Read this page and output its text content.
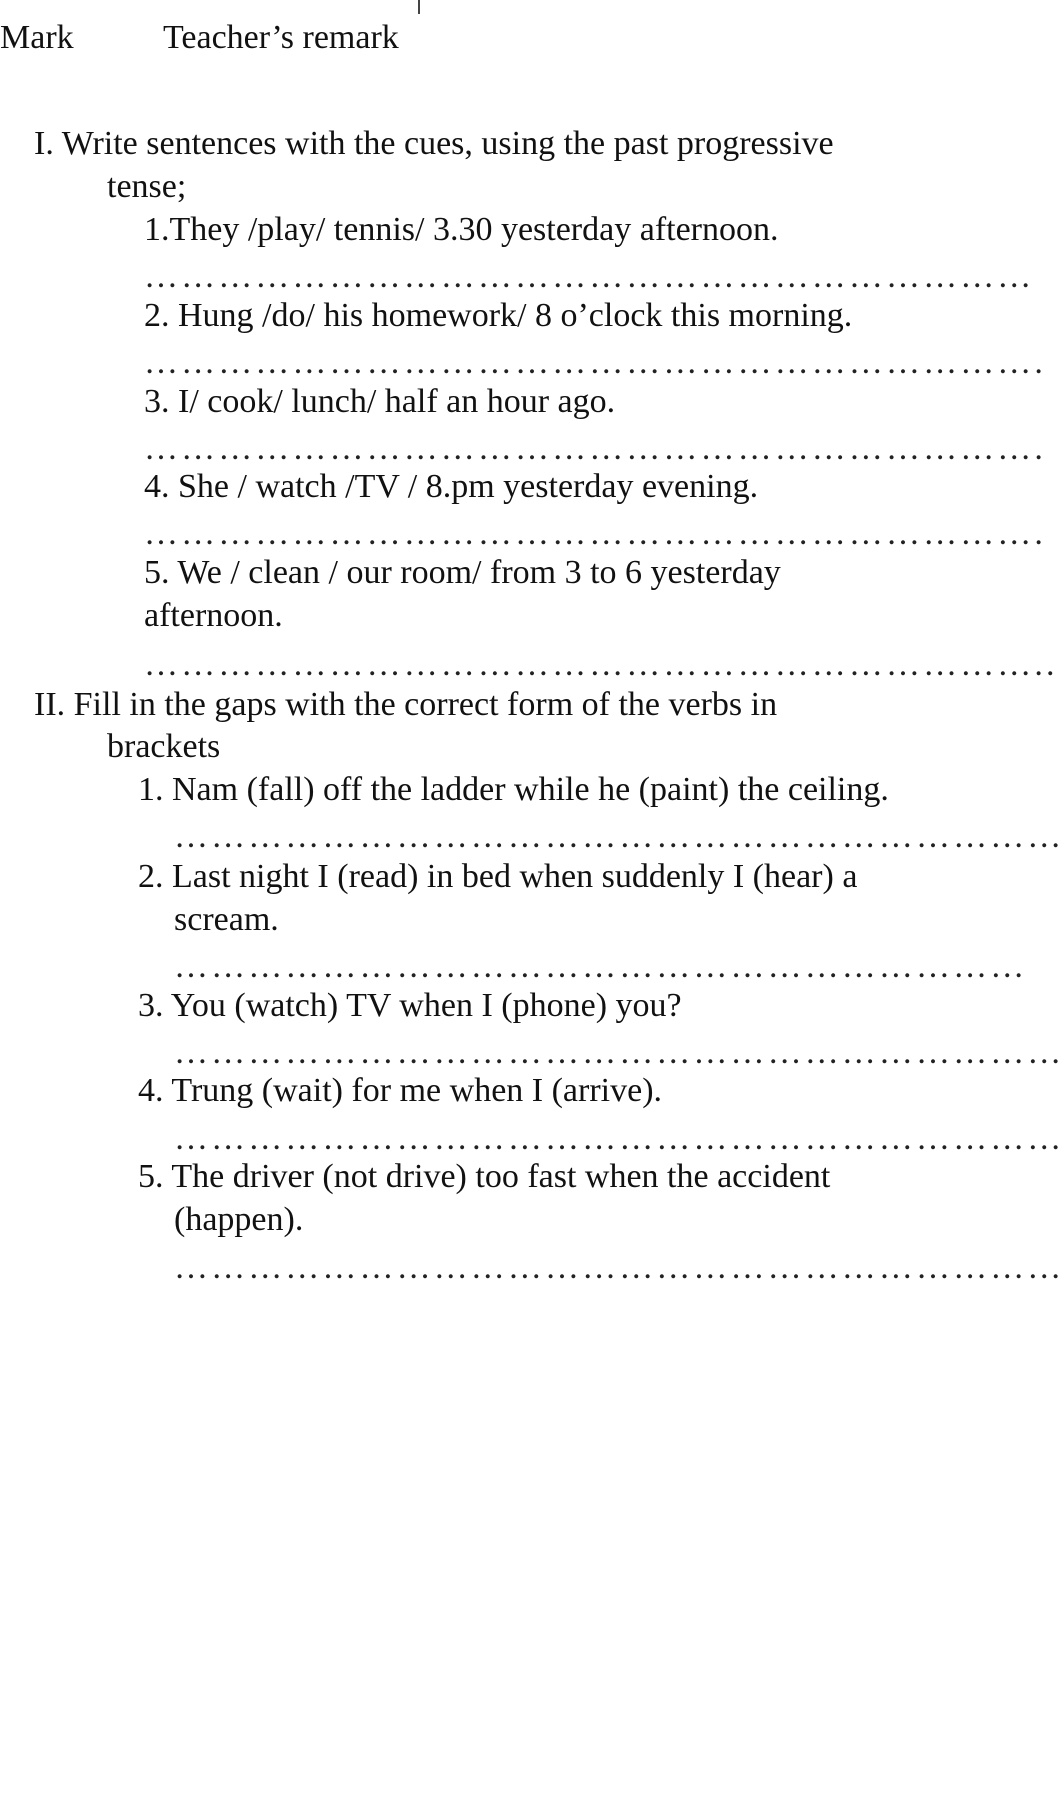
Mark	Teacher’s remark
I. Write sentences with the cues, using the past progressive
tense;
1.They /play/ tennis/ 3.30 yesterday afternoon.
………………………………………………………………
2. Hung /do/ his homework/ 8 o’clock this morning.
……………………………………………………………….
3. I/ cook/ lunch/ half an hour ago.
……………………………………………………………….
4. She / watch /TV / 8.pm yesterday evening.
……………………………………………………………….
5. We / clean / our room/ from 3 to 6 yesterday
afternoon.
………………………………………………………………..
II. Fill in the gaps with the correct form of the verbs in
brackets
1. Nam (fall) off the ladder while he (paint) the ceiling.
………………………………………………………………
2. Last night I (read) in bed when suddenly I (hear) a
scream.
……………………………………………………………
3. You (watch) TV when I (phone) you?
………………………………………………………………
4. Trung (wait) for me when I (arrive).
………………………………………………………………
5. The driver (not drive) too fast when the accident
(happen).
………………………………………………………………
